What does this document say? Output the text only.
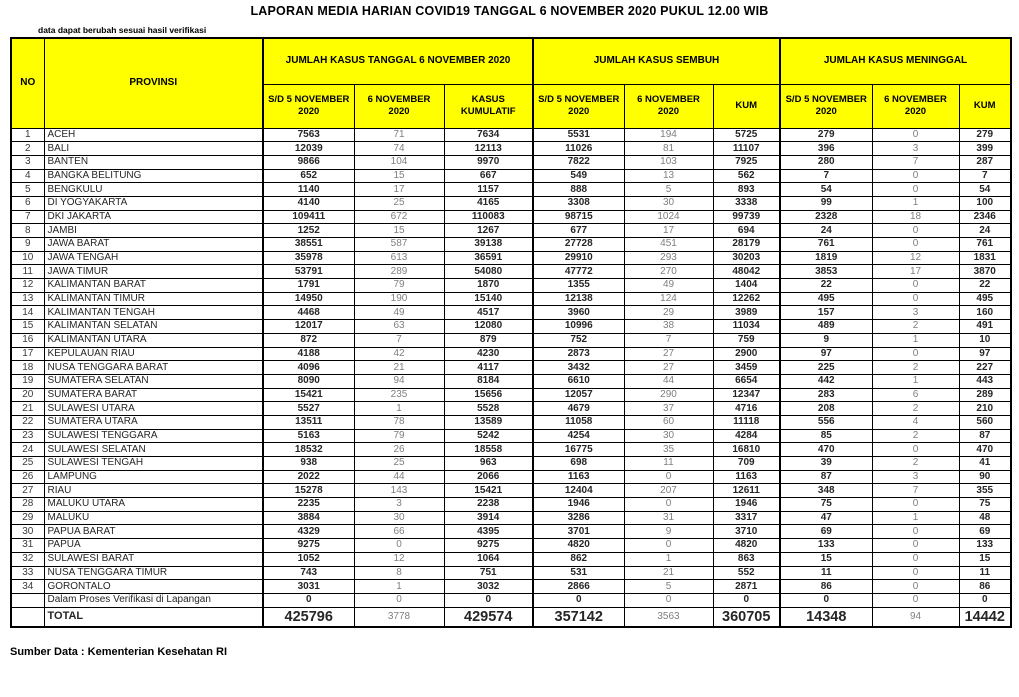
LAPORAN MEDIA HARIAN COVID19 TANGGAL 6 NOVEMBER 2020 PUKUL 12.00 WIB
data dapat berubah sesuai hasil verifikasi
NO	PROVINSI	JUMLAH KASUS TANGGAL 6 NOVEMBER 2020			JUMLAH KASUS SEMBUH			JUMLAH KASUS MENINGGAL		
		S/D 5 NOVEMBER 2020	6 NOVEMBER 2020	KASUS KUMULATIF	S/D 5 NOVEMBER 2020	6 NOVEMBER 2020	KUM	S/D 5 NOVEMBER 2020	6 NOVEMBER 2020	KUM
1	ACEH	7563	71	7634	5531	194	5725	279	0	279
2	BALI	12039	74	12113	11026	81	11107	396	3	399
3	BANTEN	9866	104	9970	7822	103	7925	280	7	287
4	BANGKA BELITUNG	652	15	667	549	13	562	7	0	7
5	BENGKULU	1140	17	1157	888	5	893	54	0	54
6	DI YOGYAKARTA	4140	25	4165	3308	30	3338	99	1	100
7	DKI JAKARTA	109411	672	110083	98715	1024	99739	2328	18	2346
8	JAMBI	1252	15	1267	677	17	694	24	0	24
9	JAWA BARAT	38551	587	39138	27728	451	28179	761	0	761
10	JAWA TENGAH	35978	613	36591	29910	293	30203	1819	12	1831
11	JAWA TIMUR	53791	289	54080	47772	270	48042	3853	17	3870
12	KALIMANTAN BARAT	1791	79	1870	1355	49	1404	22	0	22
13	KALIMANTAN TIMUR	14950	190	15140	12138	124	12262	495	0	495
14	KALIMANTAN TENGAH	4468	49	4517	3960	29	3989	157	3	160
15	KALIMANTAN SELATAN	12017	63	12080	10996	38	11034	489	2	491
16	KALIMANTAN UTARA	872	7	879	752	7	759	9	1	10
17	KEPULAUAN RIAU	4188	42	4230	2873	27	2900	97	0	97
18	NUSA TENGGARA BARAT	4096	21	4117	3432	27	3459	225	2	227
19	SUMATERA SELATAN	8090	94	8184	6610	44	6654	442	1	443
20	SUMATERA BARAT	15421	235	15656	12057	290	12347	283	6	289
21	SULAWESI UTARA	5527	1	5528	4679	37	4716	208	2	210
22	SUMATERA UTARA	13511	78	13589	11058	60	11118	556	4	560
23	SULAWESI TENGGARA	5163	79	5242	4254	30	4284	85	2	87
24	SULAWESI SELATAN	18532	26	18558	16775	35	16810	470	0	470
25	SULAWESI TENGAH	938	25	963	698	11	709	39	2	41
26	LAMPUNG	2022	44	2066	1163	0	1163	87	3	90
27	RIAU	15278	143	15421	12404	207	12611	348	7	355
28	MALUKU UTARA	2235	3	2238	1946	0	1946	75	0	75
29	MALUKU	3884	30	3914	3286	31	3317	47	1	48
30	PAPUA BARAT	4329	66	4395	3701	9	3710	69	0	69
31	PAPUA	9275	0	9275	4820	0	4820	133	0	133
32	SULAWESI BARAT	1052	12	1064	862	1	863	15	0	15
33	NUSA TENGGARA TIMUR	743	8	751	531	21	552	11	0	11
34	GORONTALO	3031	1	3032	2866	5	2871	86	0	86
	Dalam Proses Verifikasi di Lapangan	0	0	0	0	0	0	0	0	0
	TOTAL	425796	3778	429574	357142	3563	360705	14348	94	14442
Sumber Data : Kementerian Kesehatan RI
